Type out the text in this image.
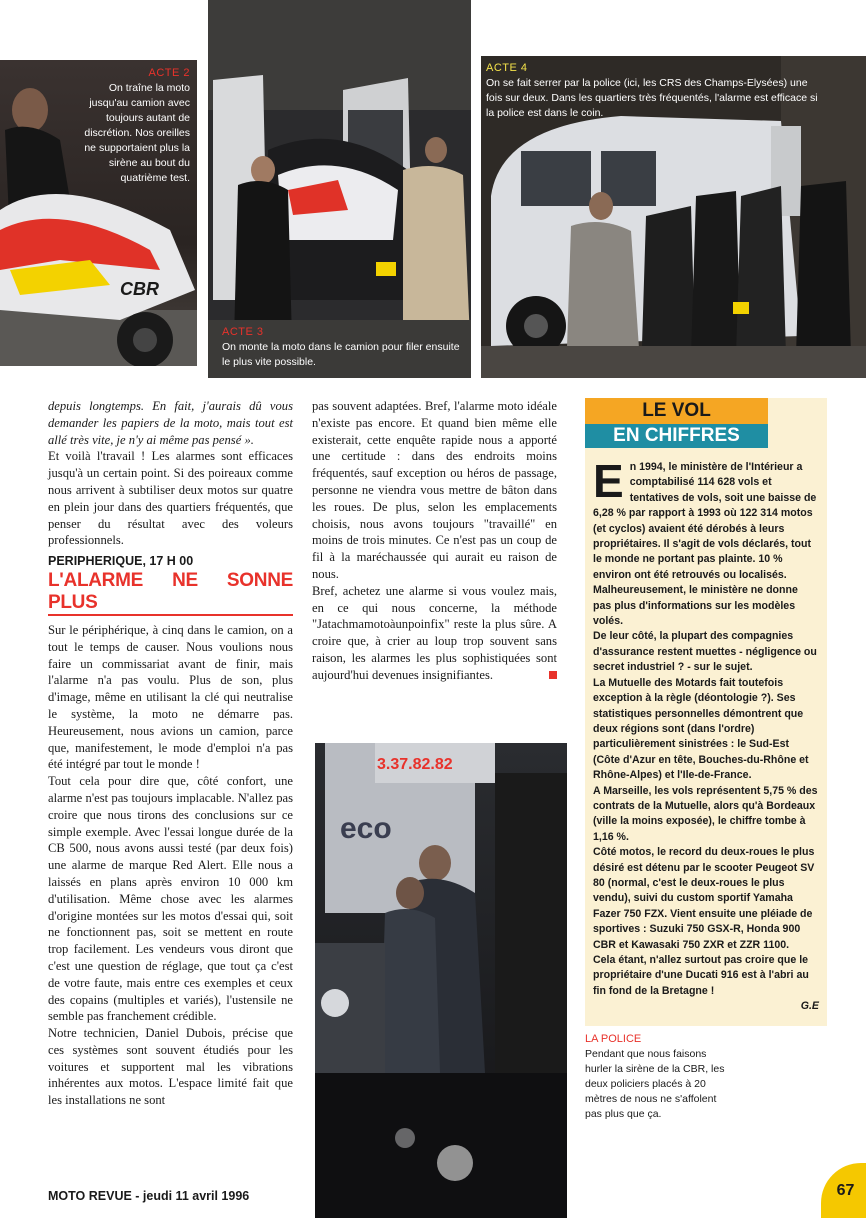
CBR
ACTE 2

On traîne la moto jusqu'au camion avec toujours autant de discrétion. Nos oreilles ne supportaient plus la sirène au bout du quatrième test.

ACTE 3

On monte la moto dans le camion pour filer ensuite le plus vite possible.

ACTE 4

On se fait serrer par la police (ici, les CRS des Champs-Elysées) une fois sur deux. Dans les quartiers très fréquentés, l'alarme est efficace si la police est dans le coin.

depuis longtemps. En fait, j'aurais dû vous demander les papiers de la moto, mais tout est allé très vite, je n'y ai même pas pensé ».

Et voilà l'travail ! Les alarmes sont efficaces jusqu'à un certain point. Si des poireaux comme nous arrivent à subtiliser deux motos sur quatre en plein jour dans des quartiers fréquentés, que penser du résultat avec des voleurs professionnels.

PERIPHERIQUE, 17 H 00
L'ALARME NE SONNE PLUS

Sur le périphérique, à cinq dans le camion, on a tout le temps de causer. Nous voulions nous faire un commissariat avant de finir, mais l'alarme n'a pas voulu. Plus de son, plus d'image, même en utilisant la clé qui neutralise le système, la moto ne démarre pas. Heureusement, nous avions un camion, parce que, manifestement, le mode d'emploi n'a pas été intégré par tout le monde !

Tout cela pour dire que, côté confort, une alarme n'est pas toujours implacable. N'allez pas croire que nous tirons des conclusions sur ce simple exemple. Avec l'essai longue durée de la CB 500, nous avons aussi testé (par deux fois) une alarme de marque Red Alert. Elle nous a laissés en plans après environ 10 000 km d'utilisation. Même chose avec les alarmes d'origine montées sur les motos d'essai qui, soit ne fonctionnent pas, soit se mettent en route trop facilement. Les vendeurs vous diront que c'est une question de réglage, que tout ça c'est de votre faute, mais entre ces exemples et ceux des copains (multiples et variés), l'ustensile ne semble pas franchement crédible.

Notre technicien, Daniel Dubois, précise que ces systèmes sont souvent étudiés pour les voitures et supportent mal les vibrations inhérentes aux motos. L'espace limité fait que les installations ne sont

pas souvent adaptées. Bref, l'alarme moto idéale n'existe pas encore. Et quand bien même elle existerait, cette enquête rapide nous a apporté une certitude : dans des endroits moins fréquentés, sauf exception ou héros de passage, personne ne viendra vous mettre de bâton dans les roues. De plus, selon les emplacements choisis, nous avons toujours "travaillé" en moins de trois minutes. Ce n'est pas un coup de fil à la maréchaussée qui aurait eu raison de nous.

Bref, achetez une alarme si vous voulez mais, en ce qui nous concerne, la méthode "Jatachmamotoàunpoinfix" reste la plus sûre. A croire que, à crier au loup trop souvent sans raison, les alarmes les plus sophistiquées sont aujourd'hui devenues insignifiantes.

3.37.82.82
eco
LE VOL
EN CHIFFRES

En 1994, le ministère de l'Intérieur a comptabilisé 114 628 vols et tentatives de vols, soit une baisse de 6,28 % par rapport à 1993 où 122 314 motos (et cyclos) avaient été dérobés à leurs propriétaires. Il s'agit de vols déclarés, tout le monde ne portant pas plainte. 10 % environ ont été retrouvés ou localisés. Malheureusement, le ministère ne donne pas plus d'informations sur les modèles volés.

De leur côté, la plupart des compagnies d'assurance restent muettes - négligence ou secret industriel ? - sur le sujet.

La Mutuelle des Motards fait toutefois exception à la règle (déontologie ?). Ses statistiques personnelles démontrent que deux régions sont (dans l'ordre) particulièrement sinistrées : le Sud-Est (Côte d'Azur en tête, Bouches-du-Rhône et Rhône-Alpes) et l'Ile-de-France.

A Marseille, les vols représentent 5,75 % des contrats de la Mutuelle, alors qu'à Bordeaux (ville la moins exposée), le chiffre tombe à 1,16 %.

Côté motos, le record du deux-roues le plus désiré est détenu par le scooter Peugeot SV 80 (normal, c'est le deux-roues le plus vendu), suivi du custom sportif Yamaha Fazer 750 FZX. Vient ensuite une pléiade de sportives : Suzuki 750 GSX-R, Honda 900 CBR et Kawasaki 750 ZXR et ZZR 1100.

Cela étant, n'allez surtout pas croire que le propriétaire d'une Ducati 916 est à l'abri au fin fond de la Bretagne !

G.E

LA POLICE

Pendant que nous faisons hurler la sirène de la CBR, les deux policiers placés à 20 mètres de nous ne s'affolent pas plus que ça.

MOTO REVUE - jeudi 11 avril 1996	67
